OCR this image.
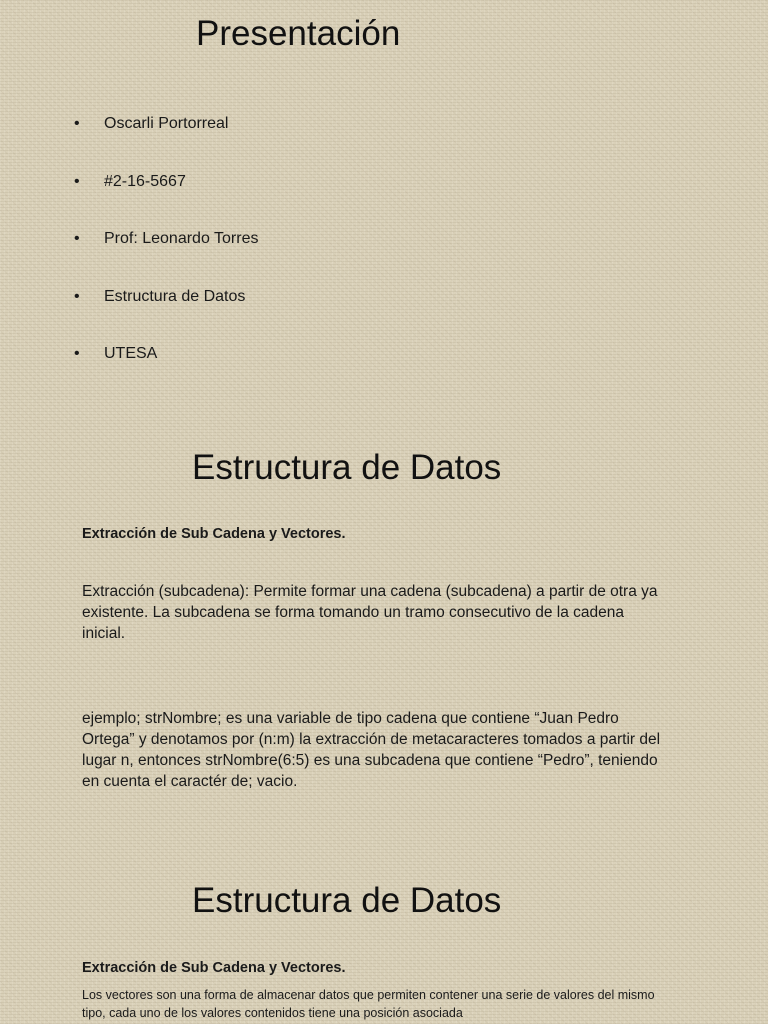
Presentación
• Oscarli Portorreal
• #2-16-5667
• Prof: Leonardo Torres
• Estructura de Datos
• UTESA
Estructura de Datos

Extracción de Sub Cadena y Vectores.

Extracción (subcadena): Permite formar una cadena (subcadena) a partir de otra ya existente. La subcadena se forma tomando un tramo consecutivo de la cadena inicial.

ejemplo; strNombre; es una variable de tipo cadena que contiene “Juan Pedro Ortega” y denotamos por (n:m) la extracción de metacaracteres tomados a partir del lugar n, entonces strNombre(6:5) es una subcadena que contiene “Pedro”, teniendo en cuenta el caractér de; vacio.

Estructura de Datos

Extracción de Sub Cadena y Vectores.

Los vectores son una forma de almacenar datos que permiten contener una serie de valores del mismo tipo, cada uno de los valores contenidos tiene una posición asociada
